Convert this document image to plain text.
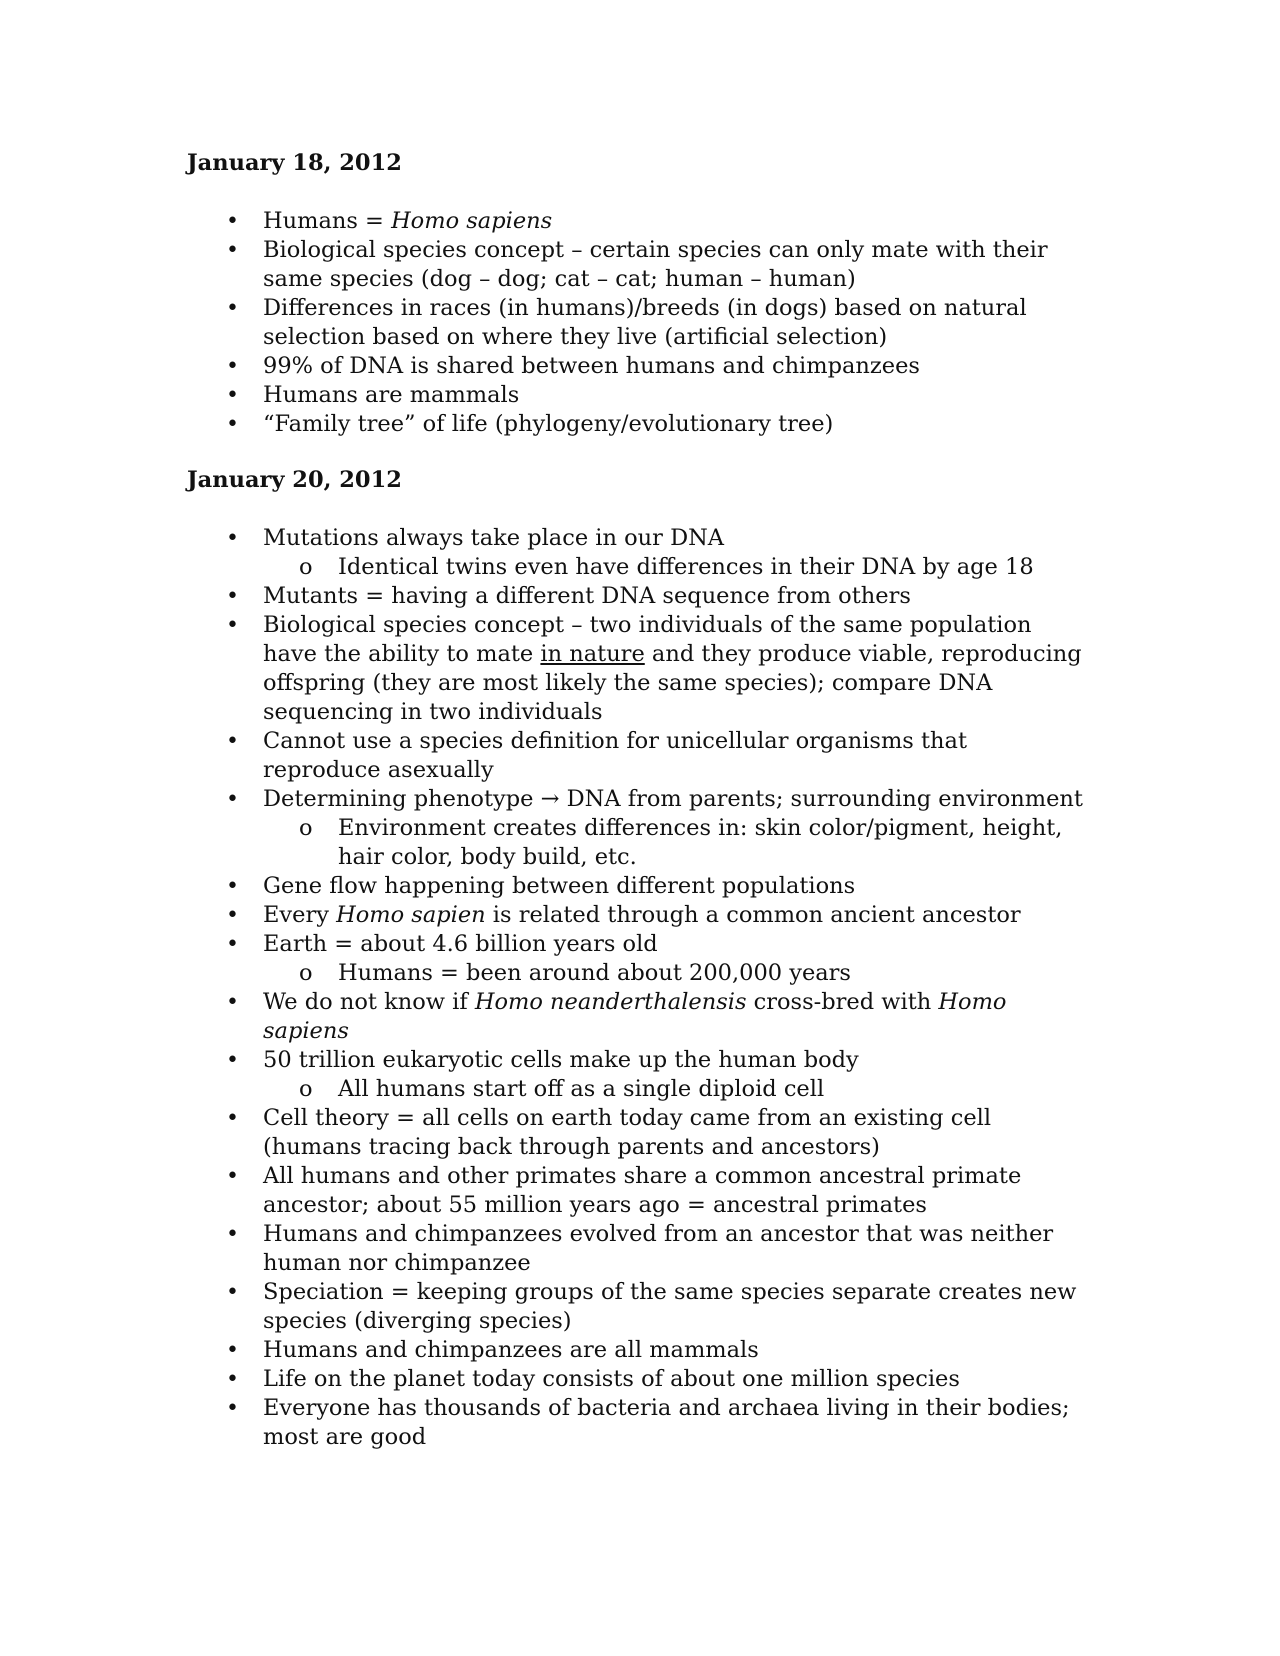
January 18, 2012
• Humans = Homo sapiens
• Biological species concept – certain species can only mate with their same species (dog – dog; cat – cat; human – human)
• Differences in races (in humans)/breeds (in dogs) based on natural selection based on where they live (artificial selection)
• 99% of DNA is shared between humans and chimpanzees
• Humans are mammals
• “Family tree” of life (phylogeny/evolutionary tree)
January 20, 2012
• Mutations always take place in our DNA
o Identical twins even have differences in their DNA by age 18
• Mutants = having a different DNA sequence from others
• Biological species concept – two individuals of the same population have the ability to mate in nature and they produce viable, reproducing offspring (they are most likely the same species); compare DNA sequencing in two individuals
• Cannot use a species definition for unicellular organisms that reproduce asexually
• Determining phenotype → DNA from parents; surrounding environment
o Environment creates differences in: skin color/pigment, height, hair color, body build, etc.
• Gene flow happening between different populations
• Every Homo sapien is related through a common ancient ancestor
• Earth = about 4.6 billion years old
o Humans = been around about 200,000 years
• We do not know if Homo neanderthalensis cross-bred with Homo sapiens
• 50 trillion eukaryotic cells make up the human body
o All humans start off as a single diploid cell
• Cell theory = all cells on earth today came from an existing cell (humans tracing back through parents and ancestors)
• All humans and other primates share a common ancestral primate ancestor; about 55 million years ago = ancestral primates
• Humans and chimpanzees evolved from an ancestor that was neither human nor chimpanzee
• Speciation = keeping groups of the same species separate creates new species (diverging species)
• Humans and chimpanzees are all mammals
• Life on the planet today consists of about one million species
• Everyone has thousands of bacteria and archaea living in their bodies; most are good
